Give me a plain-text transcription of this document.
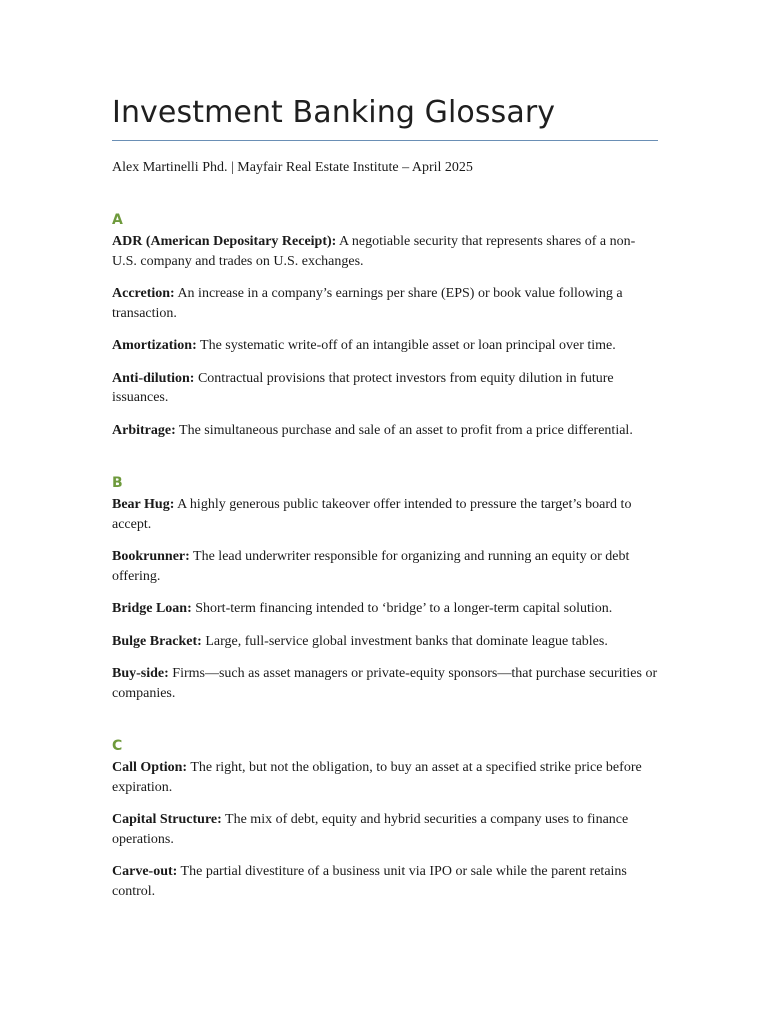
Investment Banking Glossary
Alex Martinelli Phd. | Mayfair Real Estate Institute – April 2025
A

ADR (American Depositary Receipt): A negotiable security that represents shares of a non-U.S. company and trades on U.S. exchanges.

Accretion: An increase in a company’s earnings per share (EPS) or book value following a transaction.

Amortization: The systematic write-off of an intangible asset or loan principal over time.

Anti-dilution: Contractual provisions that protect investors from equity dilution in future issuances.

Arbitrage: The simultaneous purchase and sale of an asset to profit from a price differential.

B

Bear Hug: A highly generous public takeover offer intended to pressure the target’s board to accept.

Bookrunner: The lead underwriter responsible for organizing and running an equity or debt offering.

Bridge Loan: Short-term financing intended to ‘bridge’ to a longer-term capital solution.

Bulge Bracket: Large, full-service global investment banks that dominate league tables.

Buy-side: Firms—such as asset managers or private-equity sponsors—that purchase securities or companies.

C

Call Option: The right, but not the obligation, to buy an asset at a specified strike price before expiration.

Capital Structure: The mix of debt, equity and hybrid securities a company uses to finance operations.

Carve-out: The partial divestiture of a business unit via IPO or sale while the parent retains control.
